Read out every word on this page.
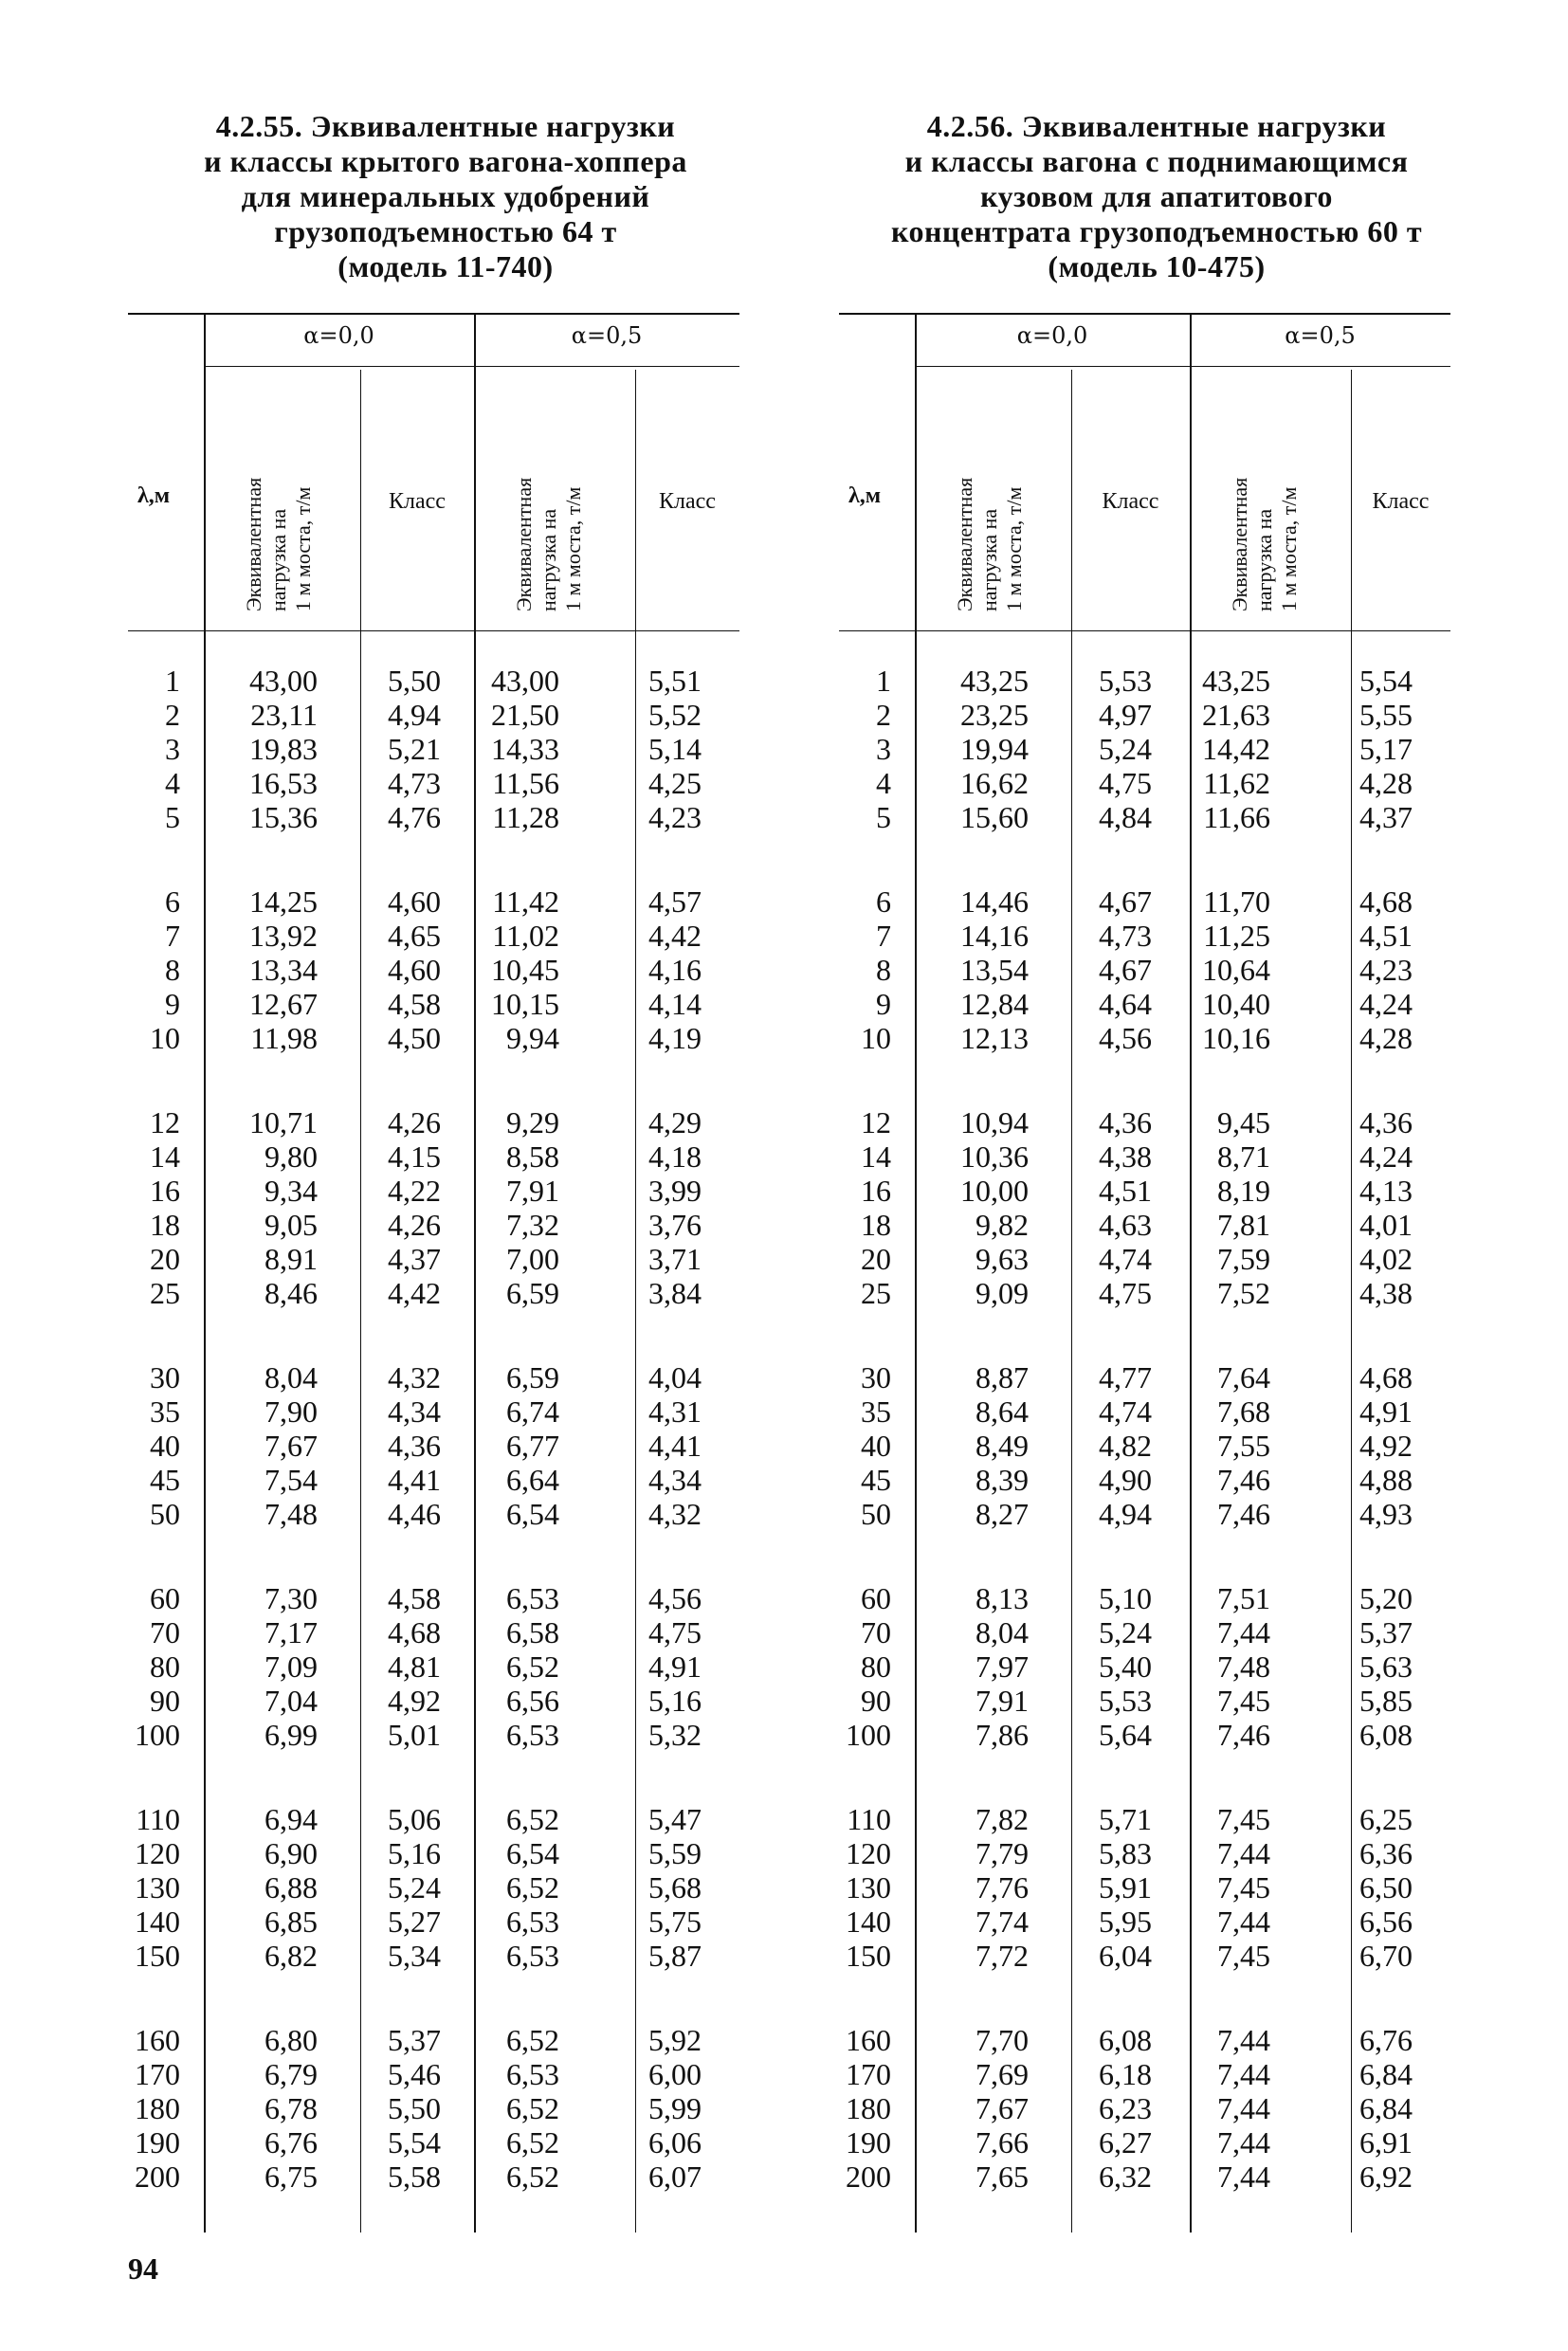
4.2.55. Эквивалентные нагрузки
и классы крытого вагона-хоппера
для минеральных удобрений
грузоподъемностью 64 т
(модель 11-740)
4.2.56. Эквивалентные нагрузки
и классы вагона с поднимающимся
кузовом для апатитового
концентрата грузоподъемностью 60 т
(модель 10-475)
α=0,0	α=0,5
λ,м	Эквивалентная нагрузка на 1 м моста, т/м	Класс	Эквивалентная нагрузка на 1 м моста, т/м	Класс
1	43,00	5,50	43,00	5,51
2	23,11	4,94	21,50	5,52
3	19,83	5,21	14,33	5,14
4	16,53	4,73	11,56	4,25
5	15,36	4,76	11,28	4,23
6	14,25	4,60	11,42	4,57
7	13,92	4,65	11,02	4,42
8	13,34	4,60	10,45	4,16
9	12,67	4,58	10,15	4,14
10	11,98	4,50	9,94	4,19
12	10,71	4,26	9,29	4,29
14	9,80	4,15	8,58	4,18
16	9,34	4,22	7,91	3,99
18	9,05	4,26	7,32	3,76
20	8,91	4,37	7,00	3,71
25	8,46	4,42	6,59	3,84
30	8,04	4,32	6,59	4,04
35	7,90	4,34	6,74	4,31
40	7,67	4,36	6,77	4,41
45	7,54	4,41	6,64	4,34
50	7,48	4,46	6,54	4,32
60	7,30	4,58	6,53	4,56
70	7,17	4,68	6,58	4,75
80	7,09	4,81	6,52	4,91
90	7,04	4,92	6,56	5,16
100	6,99	5,01	6,53	5,32
110	6,94	5,06	6,52	5,47
120	6,90	5,16	6,54	5,59
130	6,88	5,24	6,52	5,68
140	6,85	5,27	6,53	5,75
150	6,82	5,34	6,53	5,87
160	6,80	5,37	6,52	5,92
170	6,79	5,46	6,53	6,00
180	6,78	5,50	6,52	5,99
190	6,76	5,54	6,52	6,06
200	6,75	5,58	6,52	6,07
α=0,0	α=0,5
λ,м	Эквивалентная нагрузка на 1 м моста, т/м	Класс	Эквивалентная нагрузка на 1 м моста, т/м	Класс
1	43,25	5,53	43,25	5,54
2	23,25	4,97	21,63	5,55
3	19,94	5,24	14,42	5,17
4	16,62	4,75	11,62	4,28
5	15,60	4,84	11,66	4,37
6	14,46	4,67	11,70	4,68
7	14,16	4,73	11,25	4,51
8	13,54	4,67	10,64	4,23
9	12,84	4,64	10,40	4,24
10	12,13	4,56	10,16	4,28
12	10,94	4,36	9,45	4,36
14	10,36	4,38	8,71	4,24
16	10,00	4,51	8,19	4,13
18	9,82	4,63	7,81	4,01
20	9,63	4,74	7,59	4,02
25	9,09	4,75	7,52	4,38
30	8,87	4,77	7,64	4,68
35	8,64	4,74	7,68	4,91
40	8,49	4,82	7,55	4,92
45	8,39	4,90	7,46	4,88
50	8,27	4,94	7,46	4,93
60	8,13	5,10	7,51	5,20
70	8,04	5,24	7,44	5,37
80	7,97	5,40	7,48	5,63
90	7,91	5,53	7,45	5,85
100	7,86	5,64	7,46	6,08
110	7,82	5,71	7,45	6,25
120	7,79	5,83	7,44	6,36
130	7,76	5,91	7,45	6,50
140	7,74	5,95	7,44	6,56
150	7,72	6,04	7,45	6,70
160	7,70	6,08	7,44	6,76
170	7,69	6,18	7,44	6,84
180	7,67	6,23	7,44	6,84
190	7,66	6,27	7,44	6,91
200	7,65	6,32	7,44	6,92
94
